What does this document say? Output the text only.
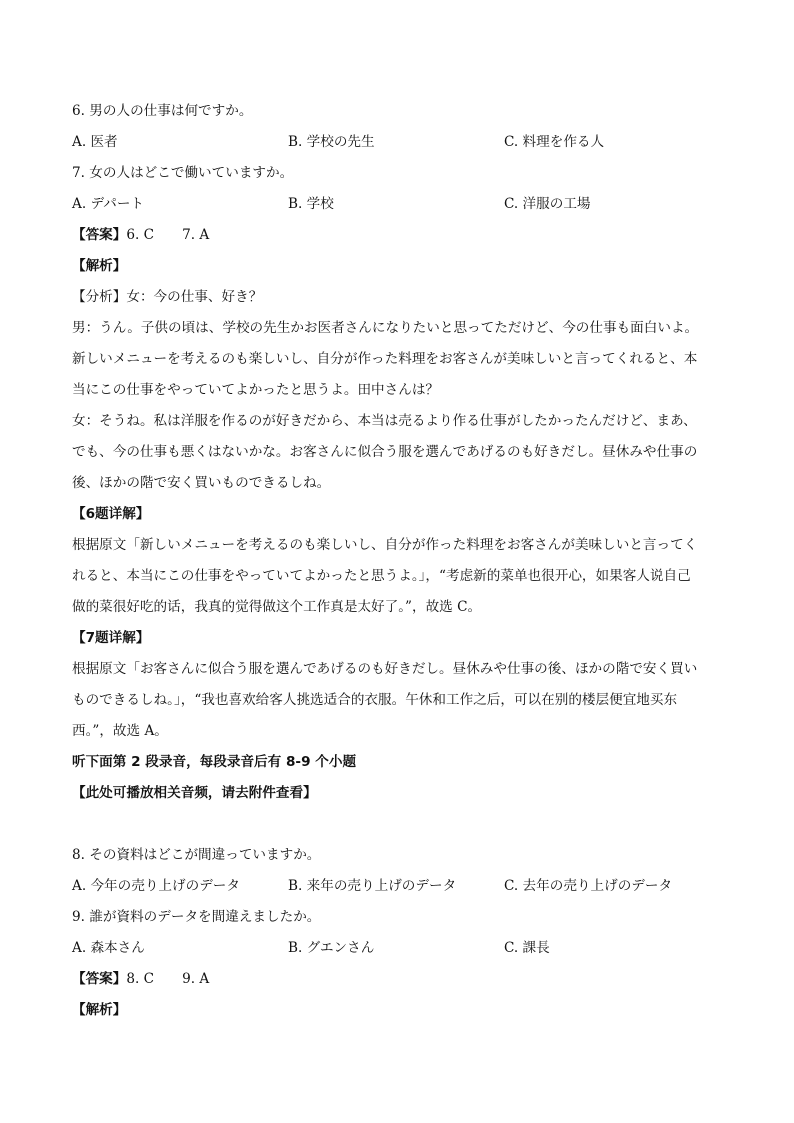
6. 男の人の仕事は何ですか。
A. 医者	B. 学校の先生	C. 料理を作る人
7. 女の人はどこで働いていますか。
A. デパート	B. 学校	C. 洋服の工場
【答案】6. C 7. A
【解析】
【分析】女：今の仕事、好き？
男：うん。子供の頃は、学校の先生かお医者さんになりたいと思ってただけど、今の仕事も面白いよ。
新しいメニューを考えるのも楽しいし、自分が作った料理をお客さんが美味しいと言ってくれると、本
当にこの仕事をやっていてよかったと思うよ。田中さんは？
女：そうね。私は洋服を作るのが好きだから、本当は売るより作る仕事がしたかったんだけど、まあ、
でも、今の仕事も悪くはないかな。お客さんに似合う服を選んであげるのも好きだし。昼休みや仕事の
後、ほかの階で安く買いものできるしね。
【6题详解】
根据原文「新しいメニューを考えるのも楽しいし、自分が作った料理をお客さんが美味しいと言ってく
れると、本当にこの仕事をやっていてよかったと思うよ。」，“考虑新的菜单也很开心，如果客人说自己
做的菜很好吃的话，我真的觉得做这个工作真是太好了。”，故选 C。
【7题详解】
根据原文「お客さんに似合う服を選んであげるのも好きだし。昼休みや仕事の後、ほかの階で安く買い
ものできるしね。」，“我也喜欢给客人挑选适合的衣服。午休和工作之后，可以在别的楼层便宜地买东
西。”，故选 A。
听下面第 2 段录音，每段录音后有 8-9 个小题
【此处可播放相关音频，请去附件查看】
8. その資料はどこが間違っていますか。
A. 今年の売り上げのデータ	B. 来年の売り上げのデータ	C. 去年の売り上げのデータ
9. 誰が資料のデータを間違えましたか。
A. 森本さん	B. グエンさん	C. 課長
【答案】8. C 9. A
【解析】
